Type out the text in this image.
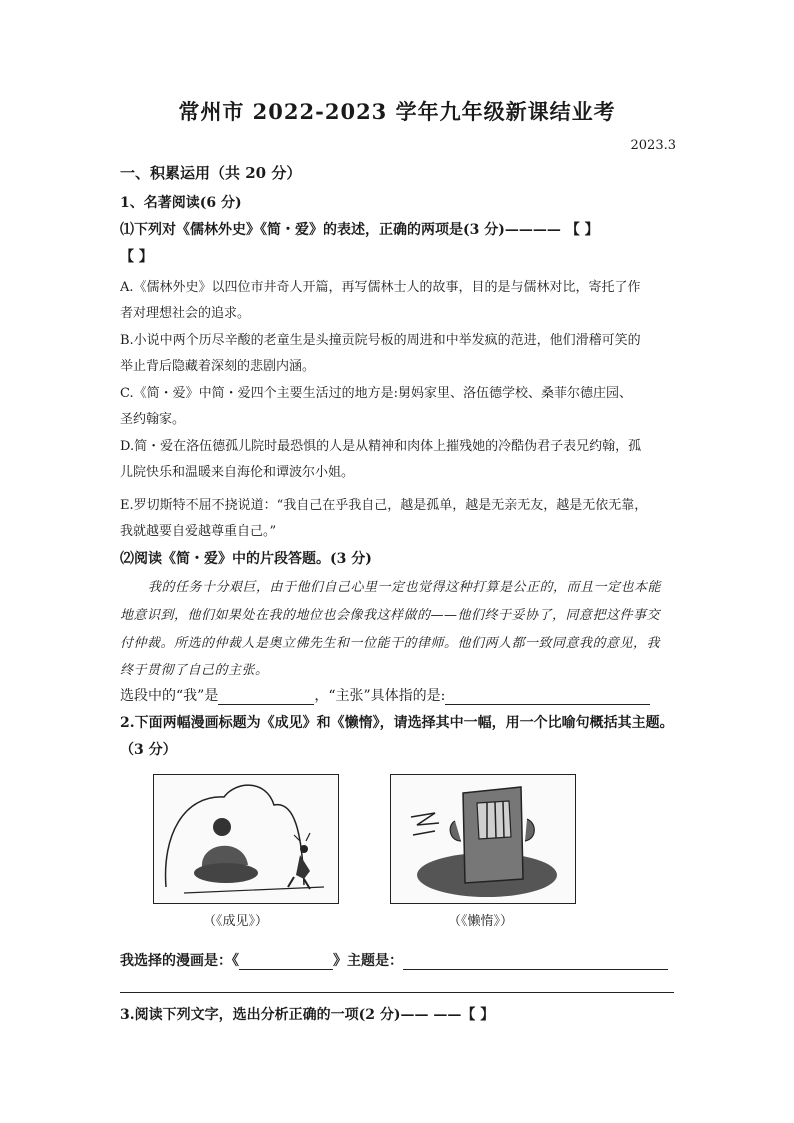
常州市 2022-2023 学年九年级新课结业考
2023.3
一、积累运用（共 20 分）
1、名著阅读(6 分)
⑴下列对《儒林外史》《简・爱》的表述，正确的两项是(3 分)———— 【 】
【 】
A.《儒林外史》以四位市井奇人开篇，再写儒林士人的故事，目的是与儒林对比，寄托了作
者对理想社会的追求。
B.小说中两个历尽辛酸的老童生是头撞贡院号板的周进和中举发疯的范进，他们滑稽可笑的
举止背后隐藏着深刻的悲剧内涵。
C.《简・爱》中简・爱四个主要生活过的地方是:舅妈家里、洛伍德学校、桑菲尔德庄园、
圣约翰家。
D.简・爱在洛伍德孤儿院时最恐惧的人是从精神和肉体上摧残她的冷酷伪君子表兄约翰，孤
儿院快乐和温暖来自海伦和谭波尔小姐。
E.罗切斯特不屈不挠说道：“我自己在乎我自己，越是孤单，越是无亲无友，越是无依无靠，
我就越要自爱越尊重自己。”
⑵阅读《简・爱》中的片段答题。(3 分)
我的任务十分艰巨，由于他们自己心里一定也觉得这种打算是公正的，而且一定也本能
地意识到，他们如果处在我的地位也会像我这样做的——他们终于妥协了，同意把这件事交
付仲裁。所选的仲裁人是奥立佛先生和一位能干的律师。他们两人都一致同意我的意见，我
终于贯彻了自己的主张。
选段中的“我”是	，“主张”具体指的是:
2.下面两幅漫画标题为《成见》和《懒惰》，请选择其中一幅，用一个比喻句概括其主题。
（3 分）
（《成见》）	（《懒惰》）
我选择的漫画是：《	》主题是：
3.阅读下列文字，选出分析正确的一项(2 分)—— ——【 】
